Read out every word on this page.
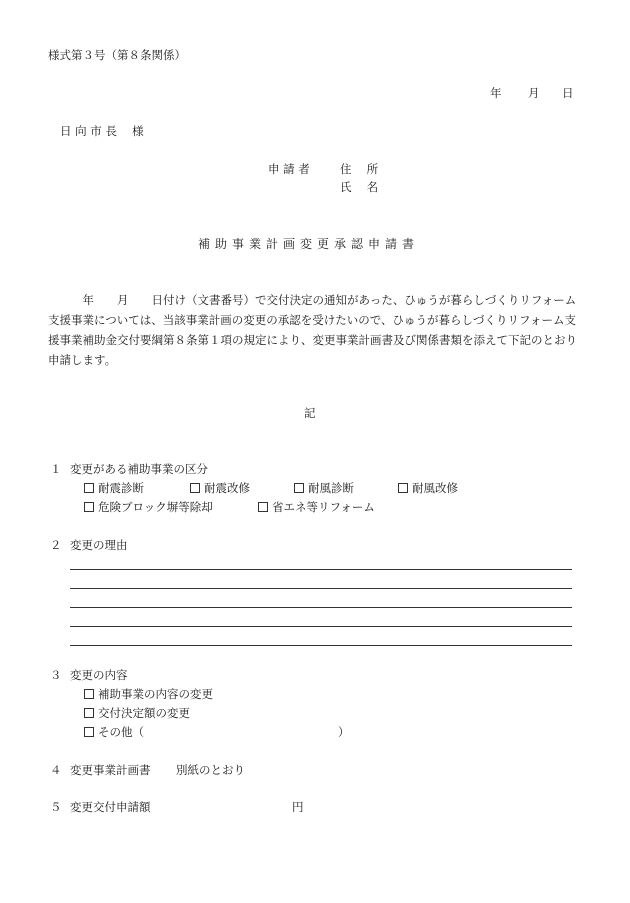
様式第３号（第８条関係）
年 月 日
日 向 市 長　 様
申 請 者	住　 所
氏　 名
補助事業計画変更承認申請書
　　　年　　月　　日付け（文書番号）で交付決定の通知があった、ひゅうが暮らしづくりリフォーム支援事業については、当該事業計画の変更の承認を受けたいので、ひゅうが暮らしづくりリフォーム支援事業補助金交付要綱第８条第１項の規定により、変更事業計画書及び関係書類を添えて下記のとおり申請します。
記
１ 変更がある補助事業の区分
耐震診断	耐震改修	耐風診断	耐風改修
危険ブロック塀等除却	省エネ等リフォーム
２ 変更の理由
３ 変更の内容
補助事業の内容の変更
交付決定額の変更
その他（	）
４ 変更事業計画書 別紙のとおり
５ 変更交付申請額	円
